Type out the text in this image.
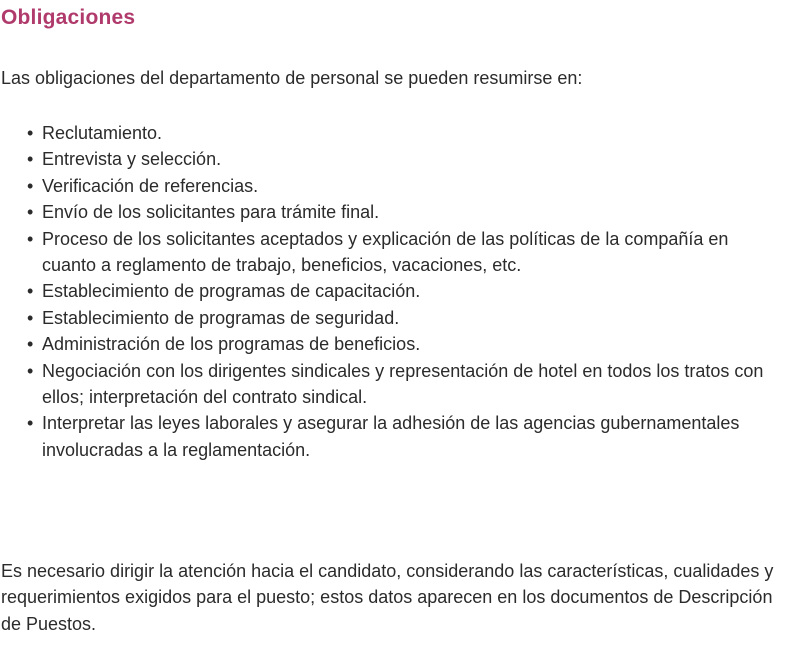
Obligaciones

Las obligaciones del departamento de personal se pueden resumirse en:

• Reclutamiento.
• Entrevista y selección.
• Verificación de referencias.
• Envío de los solicitantes para trámite final.
• Proceso de los solicitantes aceptados y explicación de las políticas de la compañía en cuanto a reglamento de trabajo, beneficios, vacaciones, etc.
• Establecimiento de programas de capacitación.
• Establecimiento de programas de seguridad.
• Administración de los programas de beneficios.
• Negociación con los dirigentes sindicales y representación de hotel en todos los tratos con ellos; interpretación del contrato sindical.
• Interpretar las leyes laborales y asegurar la adhesión de las agencias gubernamentales involucradas a la reglamentación.

Es necesario dirigir la atención hacia el candidato, considerando las características, cualidades y requerimientos exigidos para el puesto; estos datos aparecen en los documentos de Descripción de Puestos.
